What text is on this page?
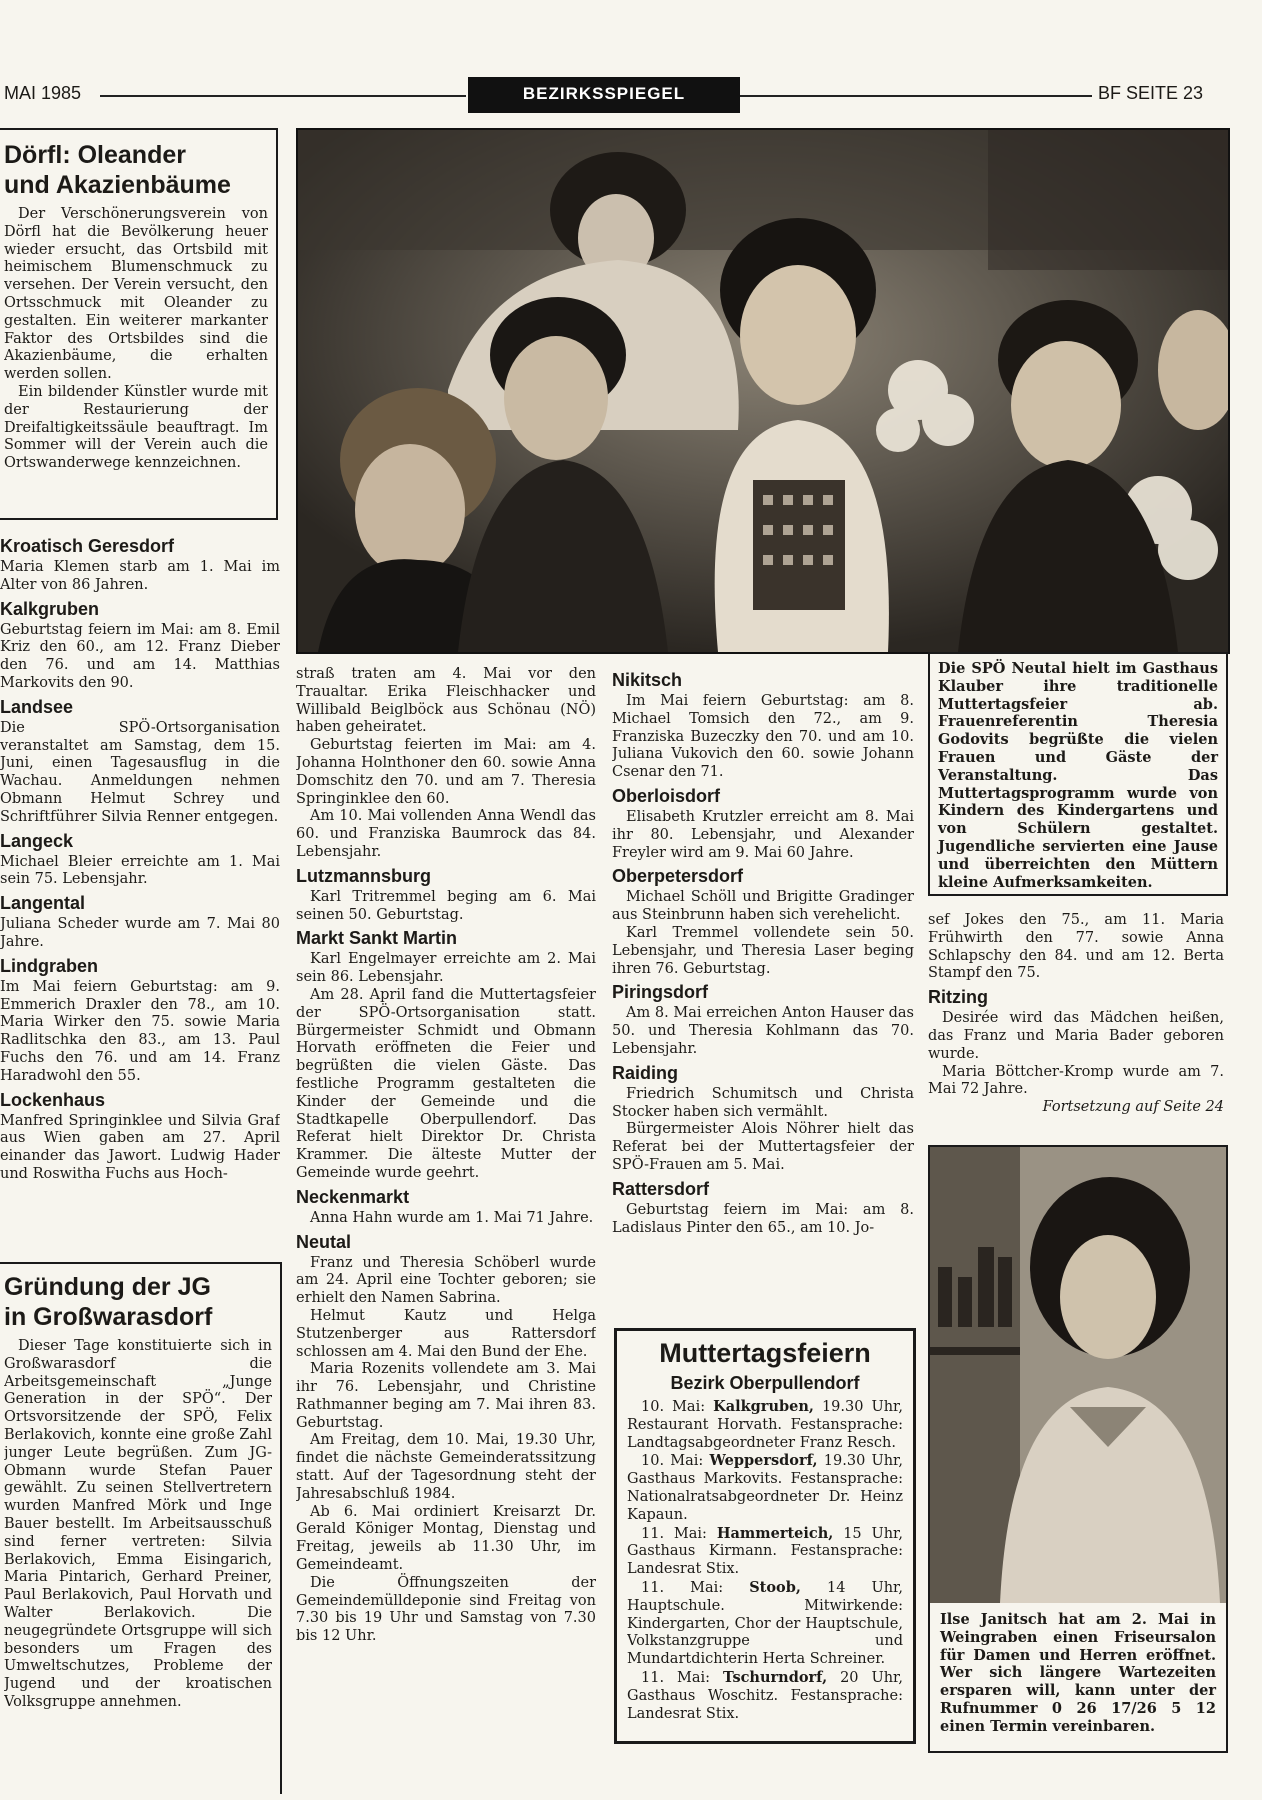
MAI 1985	BEZIRKSSPIEGEL	BF SEITE 23
Dörfl: Oleander
und Akazienbäume

Der Verschönerungsverein von Dörfl hat die Bevölkerung heuer wieder ersucht, das Ortsbild mit heimischem Blumenschmuck zu versehen. Der Verein versucht, den Ortsschmuck mit Oleander zu gestalten. Ein weiterer markanter Faktor des Ortsbildes sind die Akazienbäume, die erhalten werden sollen.

Ein bildender Künstler wurde mit der Restaurierung der Dreifaltigkeitssäule beauftragt. Im Sommer will der Verein auch die Ortswanderwege kennzeichnen.

Kroatisch Geresdorf

Maria Klemen starb am 1. Mai im Alter von 86 Jahren.

Kalkgruben

Geburtstag feiern im Mai: am 8. Emil Kriz den 60., am 12. Franz Dieber den 76. und am 14. Matthias Markovits den 90.

Landsee

Die SPÖ-Ortsorganisation veranstaltet am Samstag, dem 15. Juni, einen Tagesausflug in die Wachau. Anmeldungen nehmen Obmann Helmut Schrey und Schriftführer Silvia Renner entgegen.

Langeck

Michael Bleier erreichte am 1. Mai sein 75. Lebensjahr.

Langental

Juliana Scheder wurde am 7. Mai 80 Jahre.

Lindgraben

Im Mai feiern Geburtstag: am 9. Emmerich Draxler den 78., am 10. Maria Wirker den 75. sowie Maria Radlitschka den 83., am 13. Paul Fuchs den 76. und am 14. Franz Haradwohl den 55.

Lockenhaus

Manfred Springinklee und Silvia Graf aus Wien gaben am 27. April einander das Jawort. Ludwig Hader und Roswitha Fuchs aus Hoch-

Gründung der JG
in Großwarasdorf

Dieser Tage konstituierte sich in Großwarasdorf die Arbeitsgemeinschaft „Junge Generation in der SPÖ“. Der Ortsvorsitzende der SPÖ, Felix Berlakovich, konnte eine große Zahl junger Leute begrüßen. Zum JG-Obmann wurde Stefan Pauer gewählt. Zu seinen Stellvertretern wurden Manfred Mörk und Inge Bauer bestellt. Im Arbeitsausschuß sind ferner vertreten: Silvia Berlakovich, Emma Eisingarich, Maria Pintarich, Gerhard Preiner, Paul Berlakovich, Paul Horvath und Walter Berlakovich. Die neugegründete Ortsgruppe will sich besonders um Fragen des Umweltschutzes, Probleme der Jugend und der kroatischen Volksgruppe annehmen.

straß traten am 4. Mai vor den Traualtar. Erika Fleischhacker und Willibald Beiglböck aus Schönau (NÖ) haben geheiratet.

Geburtstag feierten im Mai: am 4. Johanna Holnthoner den 60. sowie Anna Domschitz den 70. und am 7. Theresia Springinklee den 60.

Am 10. Mai vollenden Anna Wendl das 60. und Franziska Baumrock das 84. Lebensjahr.

Lutzmannsburg

Karl Tritremmel beging am 6. Mai seinen 50. Geburtstag.

Markt Sankt Martin

Karl Engelmayer erreichte am 2. Mai sein 86. Lebensjahr.

Am 28. April fand die Muttertagsfeier der SPÖ-Ortsorganisation statt. Bürgermeister Schmidt und Obmann Horvath eröffneten die Feier und begrüßten die vielen Gäste. Das festliche Programm gestalteten die Kinder der Gemeinde und die Stadtkapelle Oberpullendorf. Das Referat hielt Direktor Dr. Christa Krammer. Die älteste Mutter der Gemeinde wurde geehrt.

Neckenmarkt

Anna Hahn wurde am 1. Mai 71 Jahre.

Neutal

Franz und Theresia Schöberl wurde am 24. April eine Tochter geboren; sie erhielt den Namen Sabrina.

Helmut Kautz und Helga Stutzenberger aus Rattersdorf schlossen am 4. Mai den Bund der Ehe.

Maria Rozenits vollendete am 3. Mai ihr 76. Lebensjahr, und Christine Rathmanner beging am 7. Mai ihren 83. Geburtstag.

Am Freitag, dem 10. Mai, 19.30 Uhr, findet die nächste Gemeinderatssitzung statt. Auf der Tagesordnung steht der Jahresabschluß 1984.

Ab 6. Mai ordiniert Kreisarzt Dr. Gerald Königer Montag, Dienstag und Freitag, jeweils ab 11.30 Uhr, im Gemeindeamt.

Die Öffnungszeiten der Gemeindemülldeponie sind Freitag von 7.30 bis 19 Uhr und Samstag von 7.30 bis 12 Uhr.

Nikitsch

Im Mai feiern Geburtstag: am 8. Michael Tomsich den 72., am 9. Franziska Buzeczky den 70. und am 10. Juliana Vukovich den 60. sowie Johann Csenar den 71.

Oberloisdorf

Elisabeth Krutzler erreicht am 8. Mai ihr 80. Lebensjahr, und Alexander Freyler wird am 9. Mai 60 Jahre.

Oberpetersdorf

Michael Schöll und Brigitte Gradinger aus Steinbrunn haben sich verehelicht.

Karl Tremmel vollendete sein 50. Lebensjahr, und Theresia Laser beging ihren 76. Geburtstag.

Piringsdorf

Am 8. Mai erreichen Anton Hauser das 50. und Theresia Kohlmann das 70. Lebensjahr.

Raiding

Friedrich Schumitsch und Christa Stocker haben sich vermählt.

Bürgermeister Alois Nöhrer hielt das Referat bei der Muttertagsfeier der SPÖ-Frauen am 5. Mai.

Rattersdorf

Geburtstag feiern im Mai: am 8. Ladislaus Pinter den 65., am 10. Jo-

Muttertagsfeiern
Bezirk Oberpullendorf

10. Mai: Kalkgruben, 19.30 Uhr, Restaurant Horvath. Festansprache: Landtagsabgeordneter Franz Resch.

10. Mai: Weppersdorf, 19.30 Uhr, Gasthaus Markovits. Festansprache: Nationalratsabgeordneter Dr. Heinz Kapaun.

11. Mai: Hammerteich, 15 Uhr, Gasthaus Kirmann. Festansprache: Landesrat Stix.

11. Mai: Stoob, 14 Uhr, Hauptschule. Mitwirkende: Kindergarten, Chor der Hauptschule, Volkstanzgruppe und Mundartdichterin Herta Schreiner.

11. Mai: Tschurndorf, 20 Uhr, Gasthaus Woschitz. Festansprache: Landesrat Stix.

Die SPÖ Neutal hielt im Gasthaus Klauber ihre traditionelle Muttertagsfeier ab. Frauenreferentin Theresia Godovits begrüßte die vielen Frauen und Gäste der Veranstaltung. Das Muttertagsprogramm wurde von Kindern des Kindergartens und von Schülern gestaltet. Jugendliche servierten eine Jause und überreichten den Müttern kleine Aufmerksamkeiten.

sef Jokes den 75., am 11. Maria Frühwirth den 77. sowie Anna Schlapschy den 84. und am 12. Berta Stampf den 75.

Ritzing

Desirée wird das Mädchen heißen, das Franz und Maria Bader geboren wurde.

Maria Böttcher-Kromp wurde am 7. Mai 72 Jahre.

Fortsetzung auf Seite 24
Ilse Janitsch hat am 2. Mai in Weingraben einen Friseursalon für Damen und Herren eröffnet. Wer sich längere Wartezeiten ersparen will, kann unter der Rufnummer 0 26 17/26 5 12 einen Termin vereinbaren.
